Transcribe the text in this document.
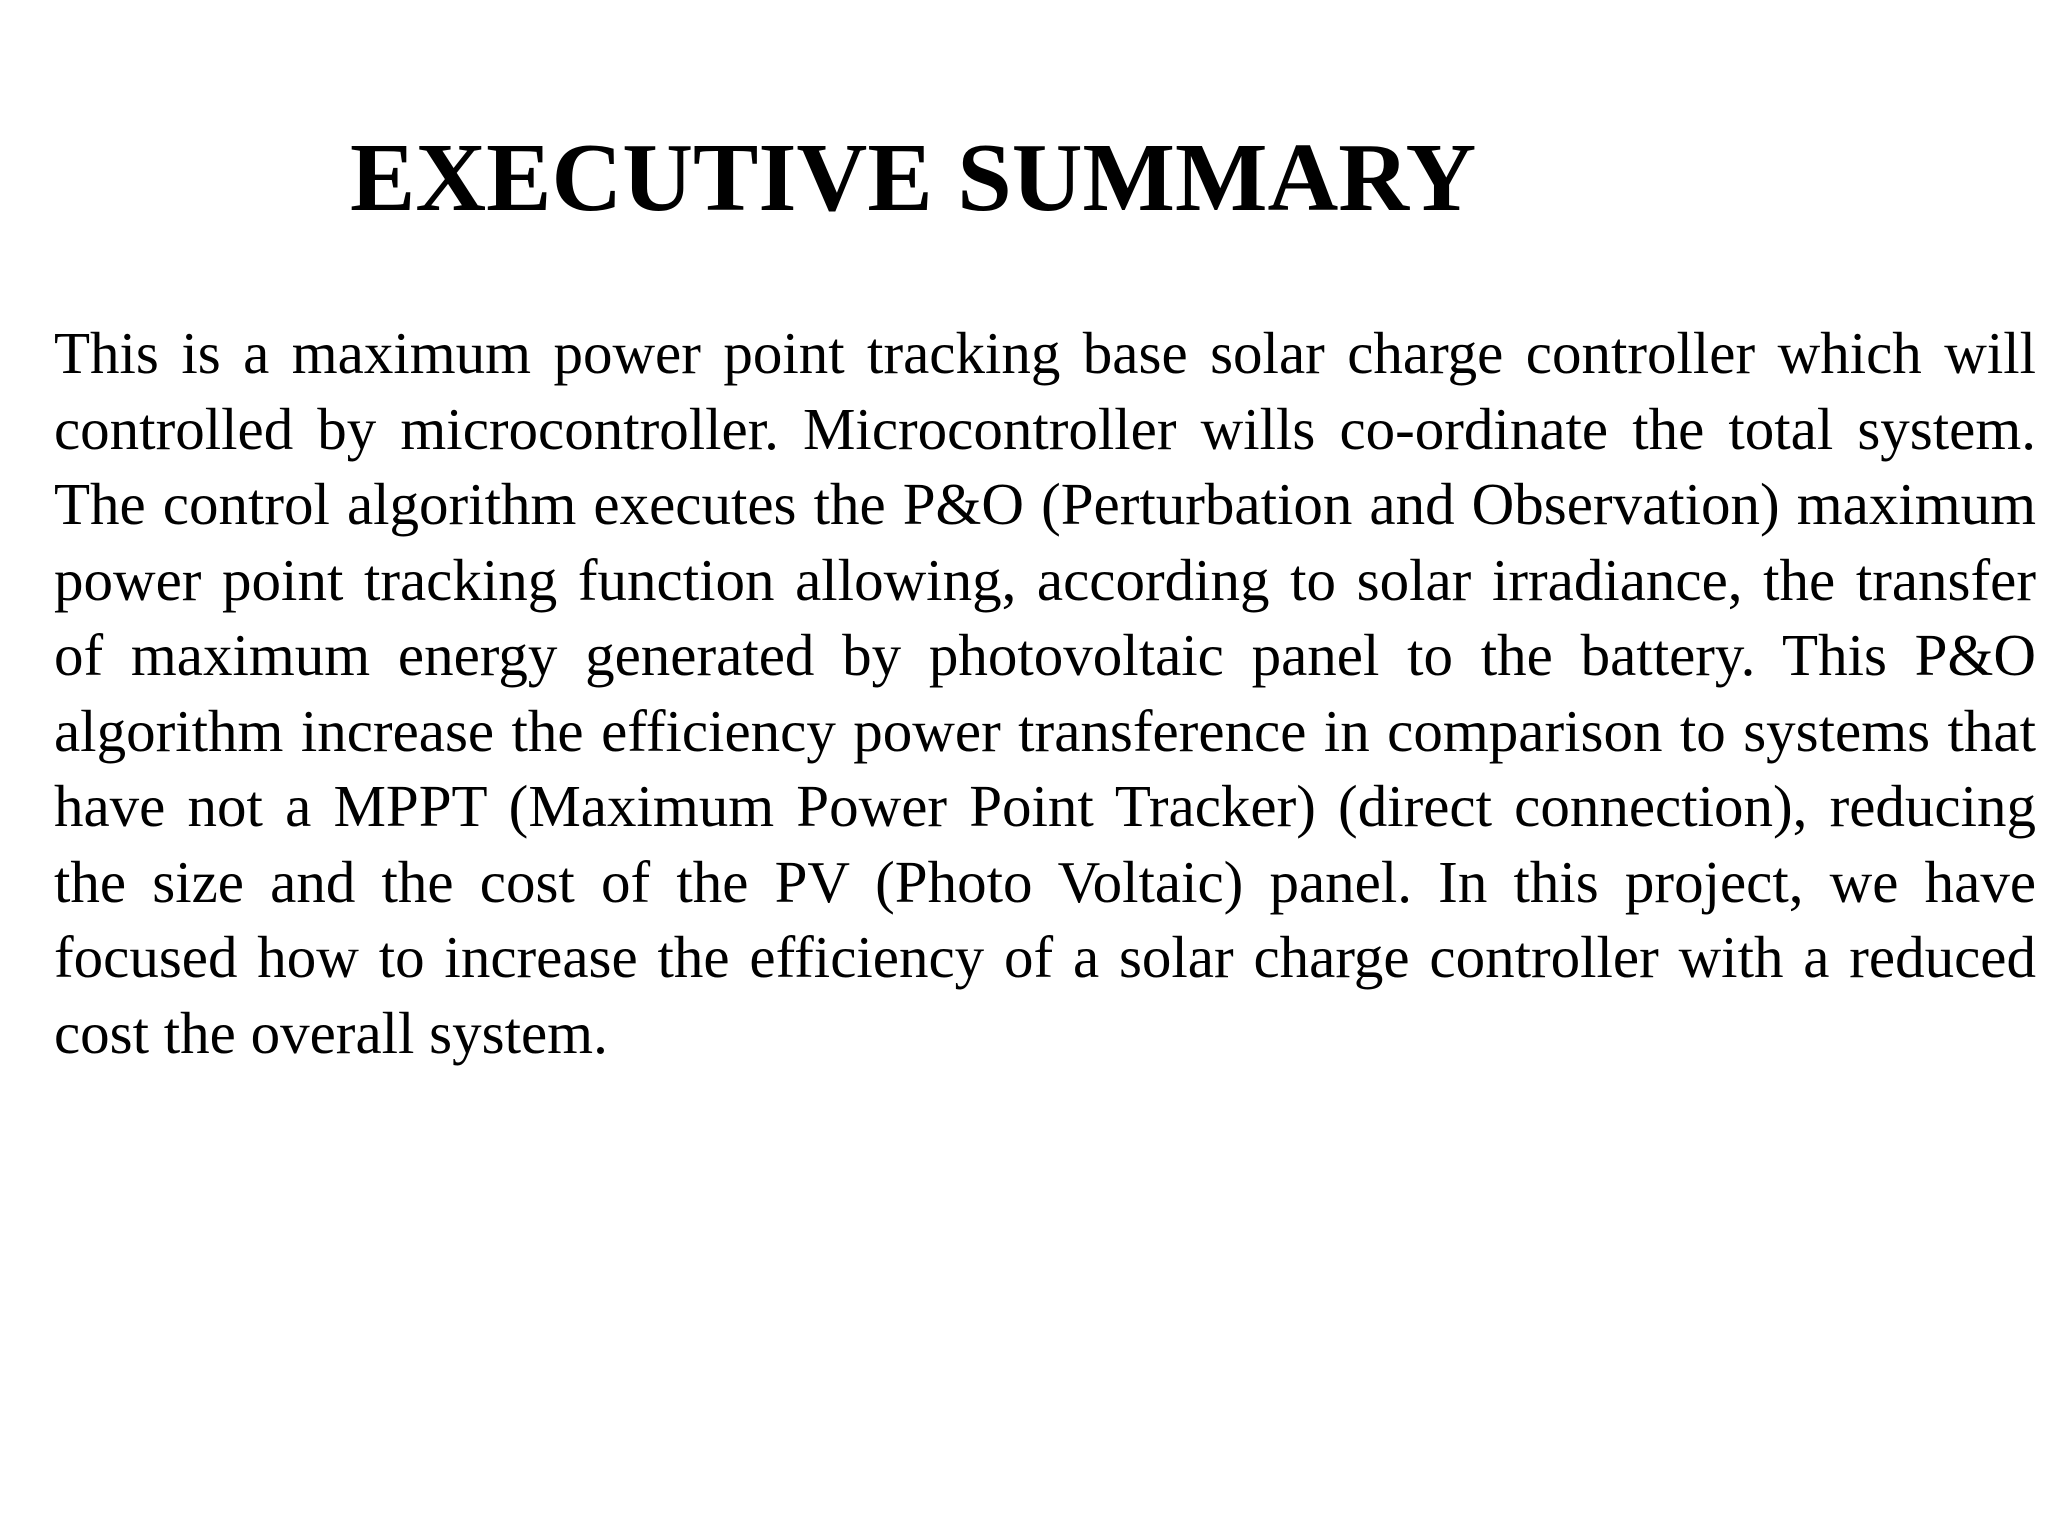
EXECUTIVE SUMMARY

This is a maximum power point tracking base solar charge controller which will controlled by microcontroller. Microcontroller wills co-ordinate the total system. The control algorithm executes the P&O (Perturbation and Observation) maximum power point tracking function allowing, according to solar irradiance, the transfer of maximum energy generated by photovoltaic panel to the battery. This P&O algorithm increase the efficiency power transference in comparison to systems that have not a MPPT (Maximum Power Point Tracker) (direct connection), reducing the size and the cost of the PV (Photo Voltaic) panel. In this project, we have focused how to increase the efficiency of a solar charge controller with a reduced cost the overall system.
